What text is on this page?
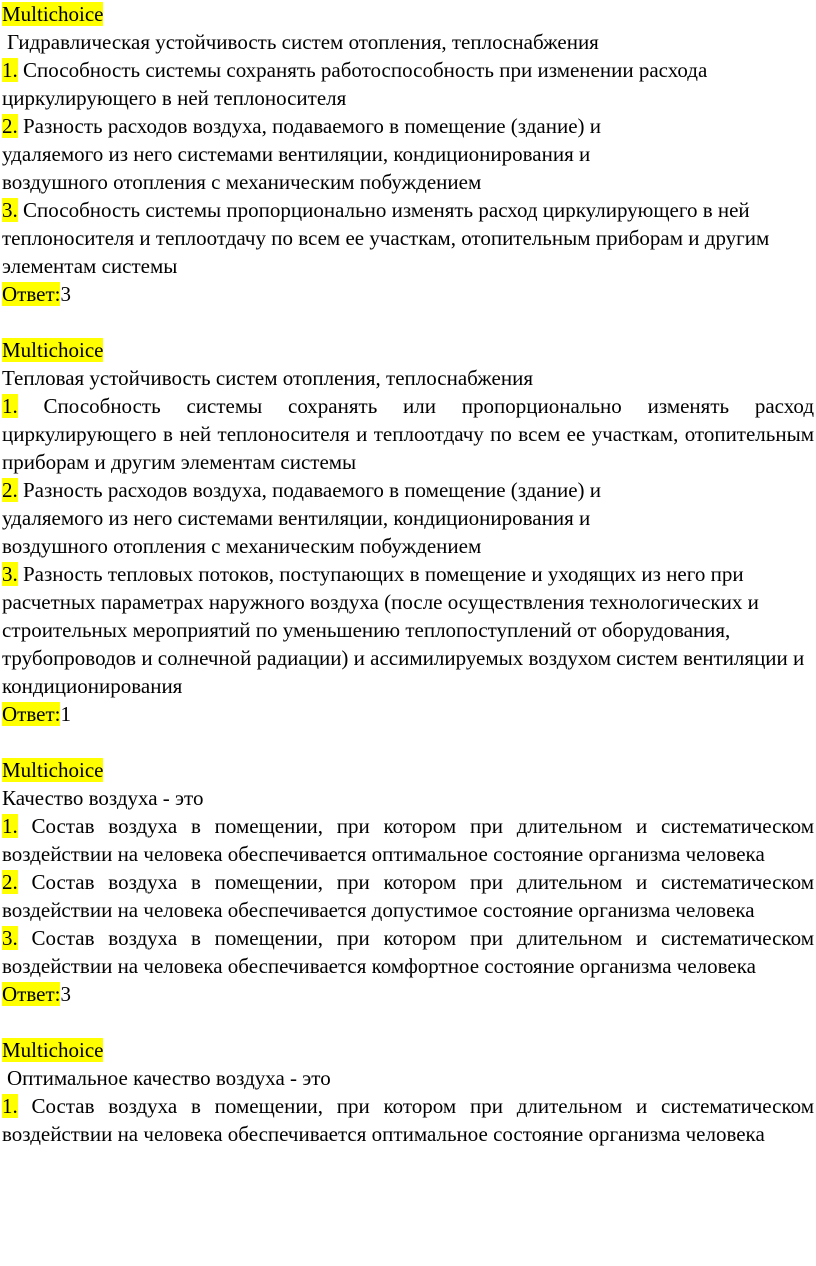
Multichoice

Гидравлическая устойчивость систем отопления, теплоснабжения

1. Способность системы сохранять работоспособность при изменении расхода циркулирующего в ней теплоносителя

2. Разность расходов воздуха, подаваемого в помещение (здание) и удаляемого из него системами вентиляции, кондиционирования и воздушного отопления с механическим побуждением

3. Способность системы пропорционально изменять расход циркулирующего в ней теплоносителя и теплоотдачу по всем ее участкам, отопительным приборам и другим элементам системы

Ответ:3

Multichoice

Тепловая устойчивость систем отопления, теплоснабжения

1. Способность системы сохранять или пропорционально изменять расход циркулирующего в ней теплоносителя и теплоотдачу по всем ее участкам, отопительным приборам и другим элементам системы

2. Разность расходов воздуха, подаваемого в помещение (здание) и удаляемого из него системами вентиляции, кондиционирования и воздушного отопления с механическим побуждением

3. Разность тепловых потоков, поступающих в помещение и уходящих из него при расчетных параметрах наружного воздуха (после осуществления технологических и строительных мероприятий по уменьшению теплопоступлений от оборудования, трубопроводов и солнечной радиации) и ассимилируемых воздухом систем вентиляции и кондиционирования

Ответ:1

Multichoice

Качество воздуха - это

1. Состав воздуха в помещении, при котором при длительном и систематическом воздействии на человека обеспечивается оптимальное состояние организма человека

2. Состав воздуха в помещении, при котором при длительном и систематическом воздействии на человека обеспечивается допустимое состояние организма человека

3. Состав воздуха в помещении, при котором при длительном и систематическом воздействии на человека обеспечивается комфортное состояние организма человека

Ответ:3

Multichoice

Оптимальное качество воздуха - это

1. Состав воздуха в помещении, при котором при длительном и систематическом воздействии на человека обеспечивается оптимальное состояние организма человека
